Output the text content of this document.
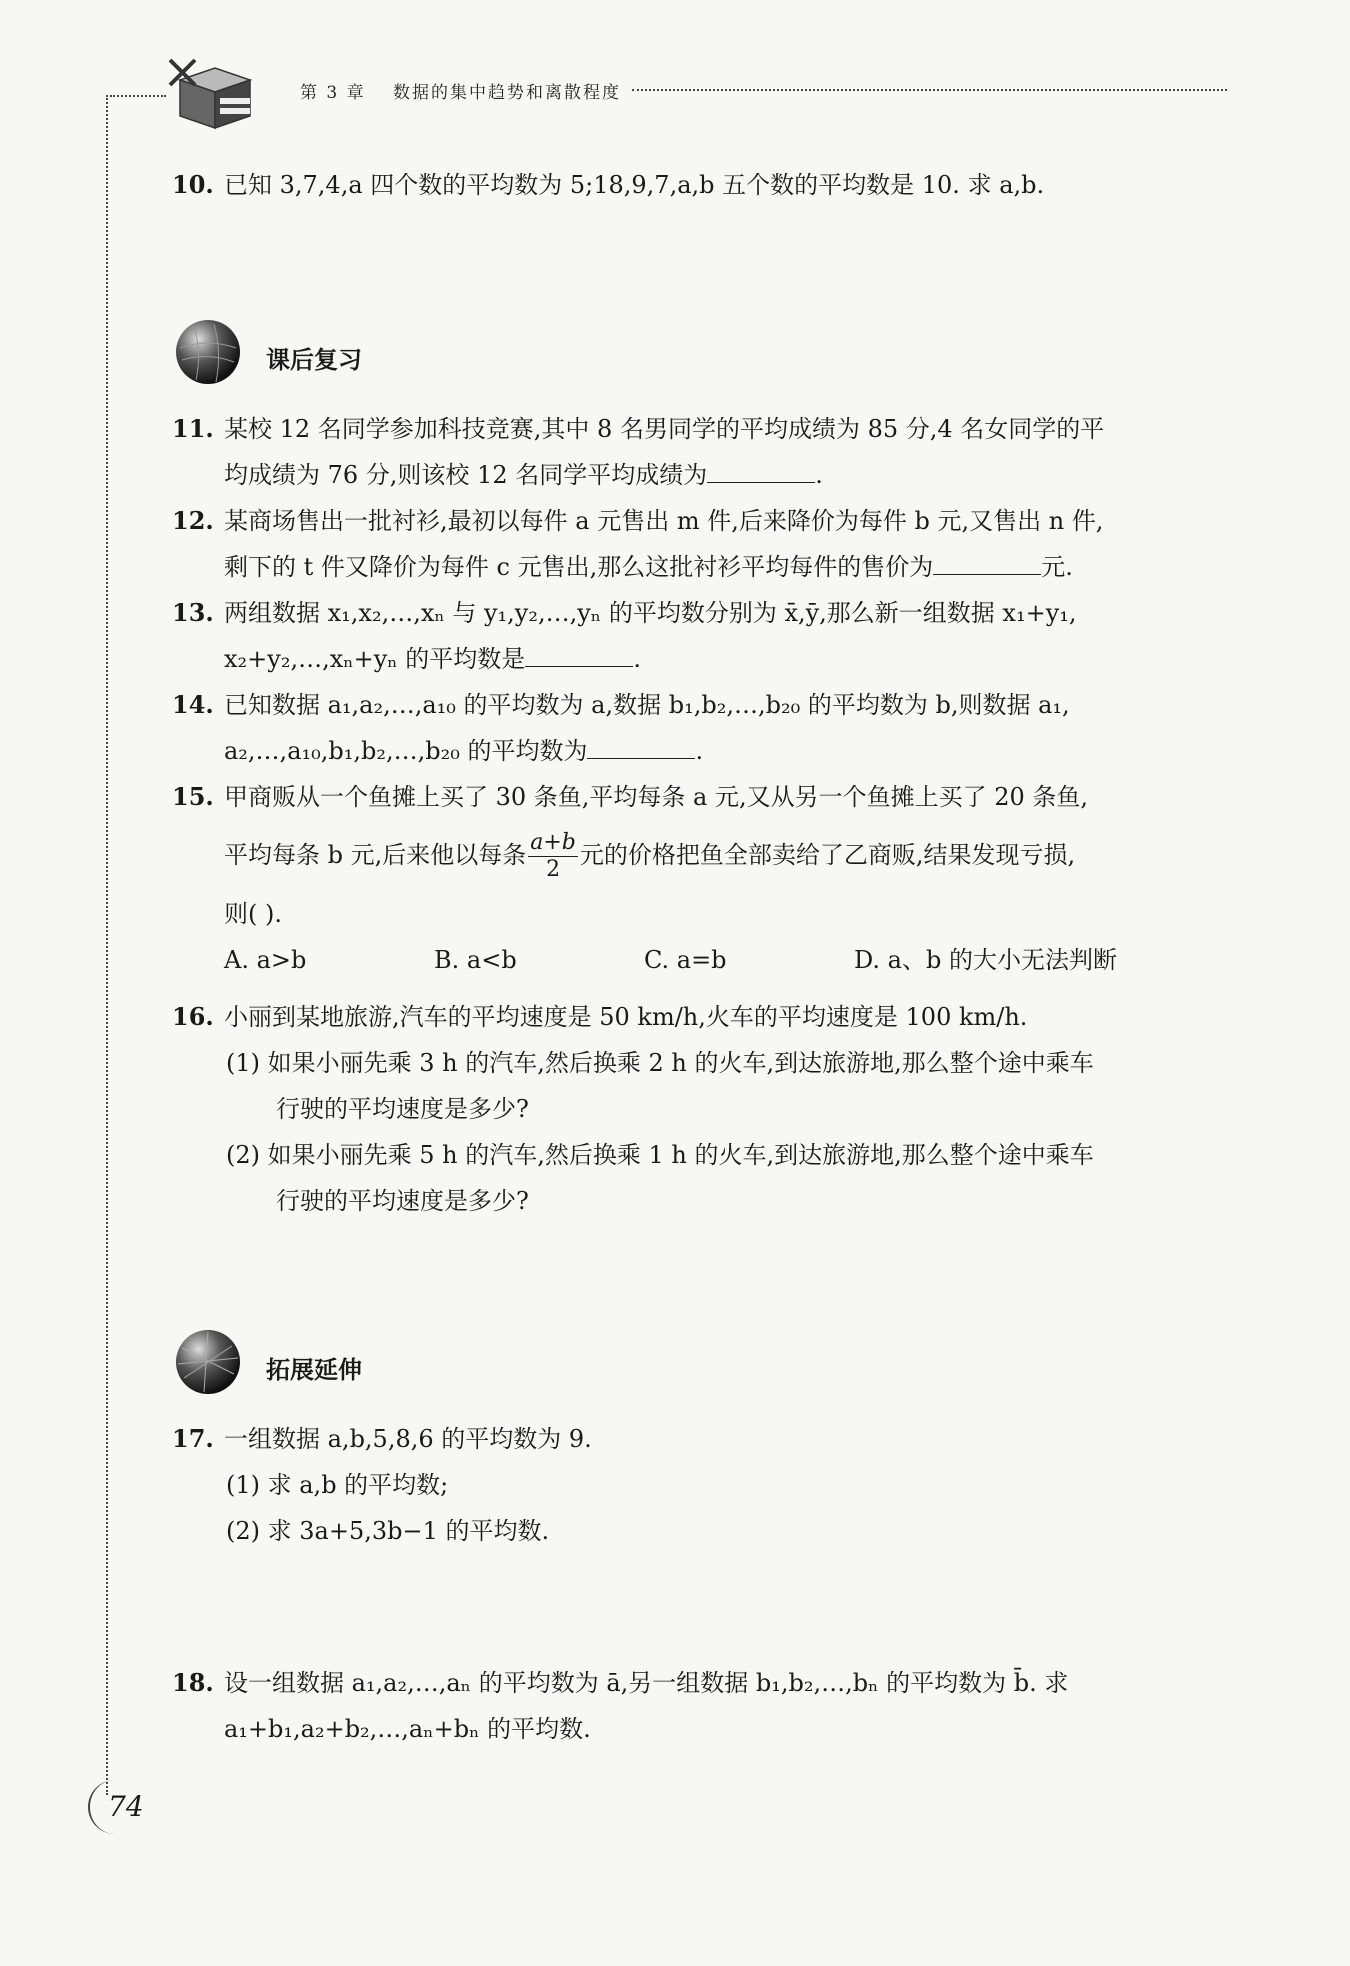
第 3 章 数据的集中趋势和离散程度
10. 已知 3,7,4,a 四个数的平均数为 5;18,9,7,a,b 五个数的平均数是 10. 求 a,b.
课后复习
11. 某校 12 名同学参加科技竞赛,其中 8 名男同学的平均成绩为 85 分,4 名女同学的平
均成绩为 76 分,则该校 12 名同学平均成绩为	.
12. 某商场售出一批衬衫,最初以每件 a 元售出 m 件,后来降价为每件 b 元,又售出 n 件,
剩下的 t 件又降价为每件 c 元售出,那么这批衬衫平均每件的售价为	元.
13. 两组数据 x₁,x₂,…,xₙ 与 y₁,y₂,…,yₙ 的平均数分别为 x̄,ȳ,那么新一组数据 x₁+y₁,
x₂+y₂,…,xₙ+yₙ 的平均数是	.
14. 已知数据 a₁,a₂,…,a₁₀ 的平均数为 a,数据 b₁,b₂,…,b₂₀ 的平均数为 b,则数据 a₁,
a₂,…,a₁₀,b₁,b₂,…,b₂₀ 的平均数为	.
15. 甲商贩从一个鱼摊上买了 30 条鱼,平均每条 a 元,又从另一个鱼摊上买了 20 条鱼,
平均每条 b 元,后来他以每条 $\frac{a+b}{2}$ 元的价格把鱼全部卖给了乙商贩,结果发现亏损,
则( ).
A. a>b	B. a<b	C. a=b	D. a、b 的大小无法判断
16. 小丽到某地旅游,汽车的平均速度是 50 km/h,火车的平均速度是 100 km/h.
(1) 如果小丽先乘 3 h 的汽车,然后换乘 2 h 的火车,到达旅游地,那么整个途中乘车
行驶的平均速度是多少?
(2) 如果小丽先乘 5 h 的汽车,然后换乘 1 h 的火车,到达旅游地,那么整个途中乘车
行驶的平均速度是多少?
拓展延伸
17. 一组数据 a,b,5,8,6 的平均数为 9.
(1) 求 a,b 的平均数;
(2) 求 3a+5,3b−1 的平均数.
18. 设一组数据 a₁,a₂,…,aₙ 的平均数为 ā,另一组数据 b₁,b₂,…,bₙ 的平均数为 b̄. 求
a₁+b₁,a₂+b₂,…,aₙ+bₙ 的平均数.
74
